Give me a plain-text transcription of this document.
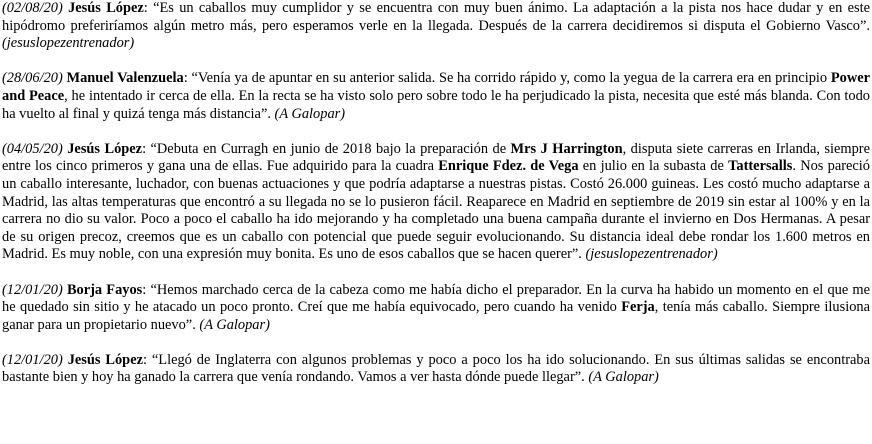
(02/08/20) Jesús López: “Es un caballos muy cumplidor y se encuentra con muy buen ánimo. La adaptación a la pista nos hace dudar y en este hipódromo preferiríamos algún metro más, pero esperamos verle en la llegada. Después de la carrera decidiremos si disputa el Gobierno Vasco”. (jesuslopezentrenador)

(28/06/20) Manuel Valenzuela: “Venía ya de apuntar en su anterior salida. Se ha corrido rápido y, como la yegua de la carrera era en principio Power and Peace, he intentado ir cerca de ella. En la recta se ha visto solo pero sobre todo le ha perjudicado la pista, necesita que esté más blanda. Con todo ha vuelto al final y quizá tenga más distancia”. (A Galopar)

(04/05/20) Jesús López: “Debuta en Curragh en junio de 2018 bajo la preparación de Mrs J Harrington, disputa siete carreras en Irlanda, siempre entre los cinco primeros y gana una de ellas. Fue adquirido para la cuadra Enrique Fdez. de Vega en julio en la subasta de Tattersalls. Nos pareció un caballo interesante, luchador, con buenas actuaciones y que podría adaptarse a nuestras pistas. Costó 26.000 guineas. Les costó mucho adaptarse a Madrid, las altas temperaturas que encontró a su llegada no se lo pusieron fácil. Reaparece en Madrid en septiembre de 2019 sin estar al 100% y en la carrera no dio su valor. Poco a poco el caballo ha ido mejorando y ha completado una buena campaña durante el invierno en Dos Hermanas. A pesar de su origen precoz, creemos que es un caballo con potencial que puede seguir evolucionando. Su distancia ideal debe rondar los 1.600 metros en Madrid. Es muy noble, con una expresión muy bonita. Es uno de esos caballos que se hacen querer”. (jesuslopezentrenador)

(12/01/20) Borja Fayos: “Hemos marchado cerca de la cabeza como me había dicho el preparador. En la curva ha habido un momento en el que me he quedado sin sitio y he atacado un poco pronto. Creí que me había equivocado, pero cuando ha venido Ferja, tenía más caballo. Siempre ilusiona ganar para un propietario nuevo”. (A Galopar)

(12/01/20) Jesús López: “Llegó de Inglaterra con algunos problemas y poco a poco los ha ido solucionando. En sus últimas salidas se encontraba bastante bien y hoy ha ganado la carrera que venía rondando. Vamos a ver hasta dónde puede llegar”. (A Galopar)
